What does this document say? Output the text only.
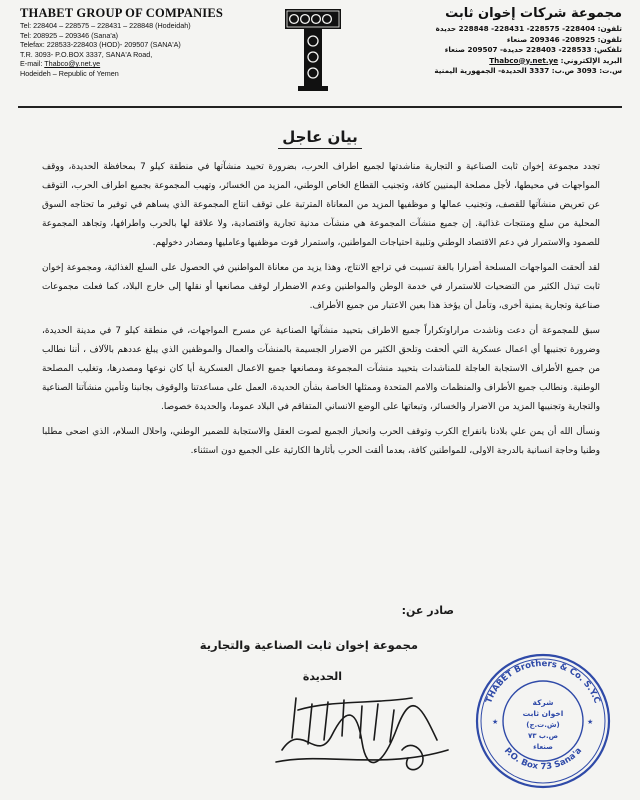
THABET GROUP OF COMPANIES
Tel: 228404 – 228575 – 228431 – 228848 (Hodeidah)
Tel: 208925 – 209346 (Sana'a)
Telefax: 228533-228403 (HOD)- 209507 (SANA'A)
T.R. 3093- P.O.BOX 3337, SANA'A Road,
E-mail: Thabco@y.net.ye
Hodeideh – Republic of Yemen
مجموعة شركات إخوان ثابت
تلفون: 228404- 228575- 228431- 228848 حديدة
تلفون: 208925- 209346 صنعاء
تلفكس: 228533- 228403 حديدة- 209507 صنعاء
البريد الإلكتروني: Thabco@y.net.ye
س.ت: 3093 ص.ب: 3337 الحديدة- الجمهورية اليمنية
بيان عاجل

تجدد مجموعة إخوان ثابت الصناعية و التجارية مناشدتها لجميع اطراف الحرب، بضرورة تحييد منشآتها في منطقة كيلو 7 بمحافظة الحديدة، ووقف المواجهات في محيطها، لأجل مصلحة اليمنيين كافة، وتجنيب القطاع الخاص الوطني، المزيد من الخسائر، وتهيب المجموعة بجميع اطراف الحرب، التوقف عن تعريض منشآتها للقصف، وتجنيب عمالها و موظفيها المزيد من المعاناة المترتبة على توقف انتاج المجموعة الذي يساهم في توفير ما تحتاجه السوق المحلية من سلع ومنتجات غذائية. إن جميع منشآت المجموعة هي منشآت مدنية تجارية واقتصادية، ولا علاقة لها بالحرب واطرافها، وتجاهد المجموعة للصمود والاستمرار في دعم الاقتصاد الوطني وتلبية احتياجات المواطنين، واستمرار قوت موظفيها وعامليها ومصادر دخولهم.

لقد ألحقت المواجهات المسلحة أضرارا بالغة تسببت في تراجع الانتاج، وهذا يزيد من معاناة المواطنين في الحصول على السلع الغذائية، ومجموعة إخوان ثابت تبذل الكثير من التضحيات للاستمرار في خدمة الوطن والمواطنين وعدم الاضطرار لوقف مصانعها أو نقلها إلى خارج البلاد، كما فعلت مجموعات صناعية وتجارية يمنية أخرى، وتأمل أن يؤخذ هذا بعين الاعتبار من جميع الأطراف.

سبق للمجموعة أن دعت وناشدت مراراوتكراراً جميع الاطراف بتحييد منشآتها الصناعية عن مسرح المواجهات، في منطقة كيلو 7 في مدينة الحديدة، وضرورة تجنيبها أي اعمال عسكرية التي ألحقت وتلحق الكثير من الاضرار الجسيمة بالمنشآت والعمال والموظفين الذي يبلغ عددهم بالآلاف ، أننا نطالب من جميع الأطراف الاستجابة العاجلة للمناشدات بتحييد منشآت المجموعة ومصانعها جميع الاعمال العسكرية أيا كان نوعها ومصدرها، وتغليب المصلحة الوطنية. ونطالب جميع الأطراف والمنظمات والامم المتحدة وممثلها الخاصة بشأن الحديدة، العمل على مساعدتنا والوقوف بجانبنا وتأمين منشآتنا الصناعية والتجارية وتجنيبها المزيد من الاضرار والخسائر، وتبعاتها على الوضع الانساني المتفاقم في البلاد عموما، والحديدة خصوصا.

ونسأل الله أن يمن علي بلادنا بانفراج الكرب وتوقف الحرب وانحياز الجميع لصوت العقل والاستجابة للضمير الوطني، واحلال السلام، الذي اضحى مطلبا وطنيا وحاجة انسانية بالدرجة الاولى، للمواطنين كافة، بعدما ألقت الحرب بأثارها الكارثية على الجميع دون استثناء.

صادر عن:
مجموعة إخوان ثابت الصناعية والتجارية
الحديدة
THABET Brothers & Co. S.Y.C
P.O. Box 73 Sana'a
شركة
اخوان ثابت
(ش.ت.ج)
ص.ب ٧٣
صنعاء
★	★
